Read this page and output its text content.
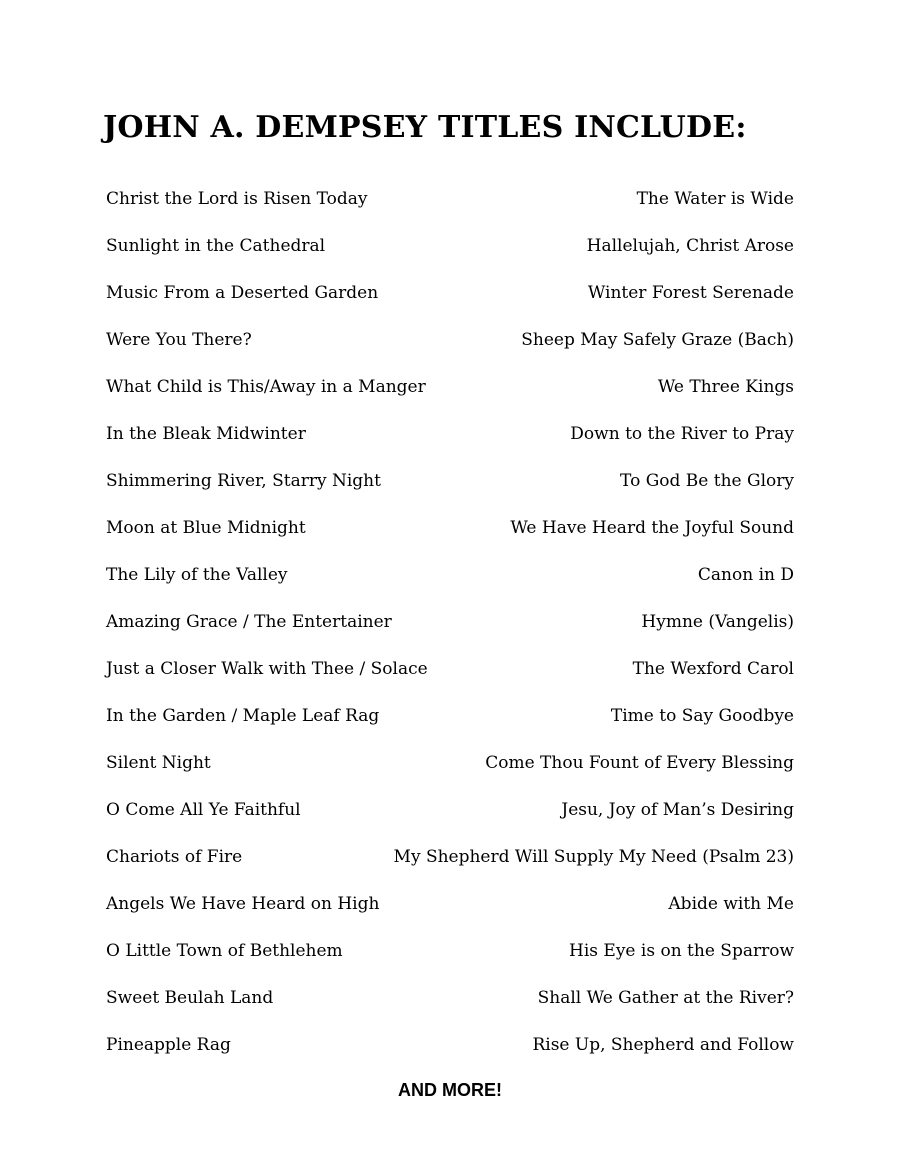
JOHN A. DEMPSEY TITLES INCLUDE:
Christ the Lord is Risen Today	The Water is Wide
Sunlight in the Cathedral	Hallelujah, Christ Arose
Music From a Deserted Garden	Winter Forest Serenade
Were You There?	Sheep May Safely Graze (Bach)
What Child is This/Away in a Manger	We Three Kings
In the Bleak Midwinter	Down to the River to Pray
Shimmering River, Starry Night	To God Be the Glory
Moon at Blue Midnight	We Have Heard the Joyful Sound
The Lily of the Valley	Canon in D
Amazing Grace / The Entertainer	Hymne (Vangelis)
Just a Closer Walk with Thee / Solace	The Wexford Carol
In the Garden / Maple Leaf Rag	Time to Say Goodbye
Silent Night	Come Thou Fount of Every Blessing
O Come All Ye Faithful	Jesu, Joy of Man’s Desiring
Chariots of Fire	My Shepherd Will Supply My Need (Psalm 23)
Angels We Have Heard on High	Abide with Me
O Little Town of Bethlehem	His Eye is on the Sparrow
Sweet Beulah Land	Shall We Gather at the River?
Pineapple Rag	Rise Up, Shepherd and Follow
AND MORE!
